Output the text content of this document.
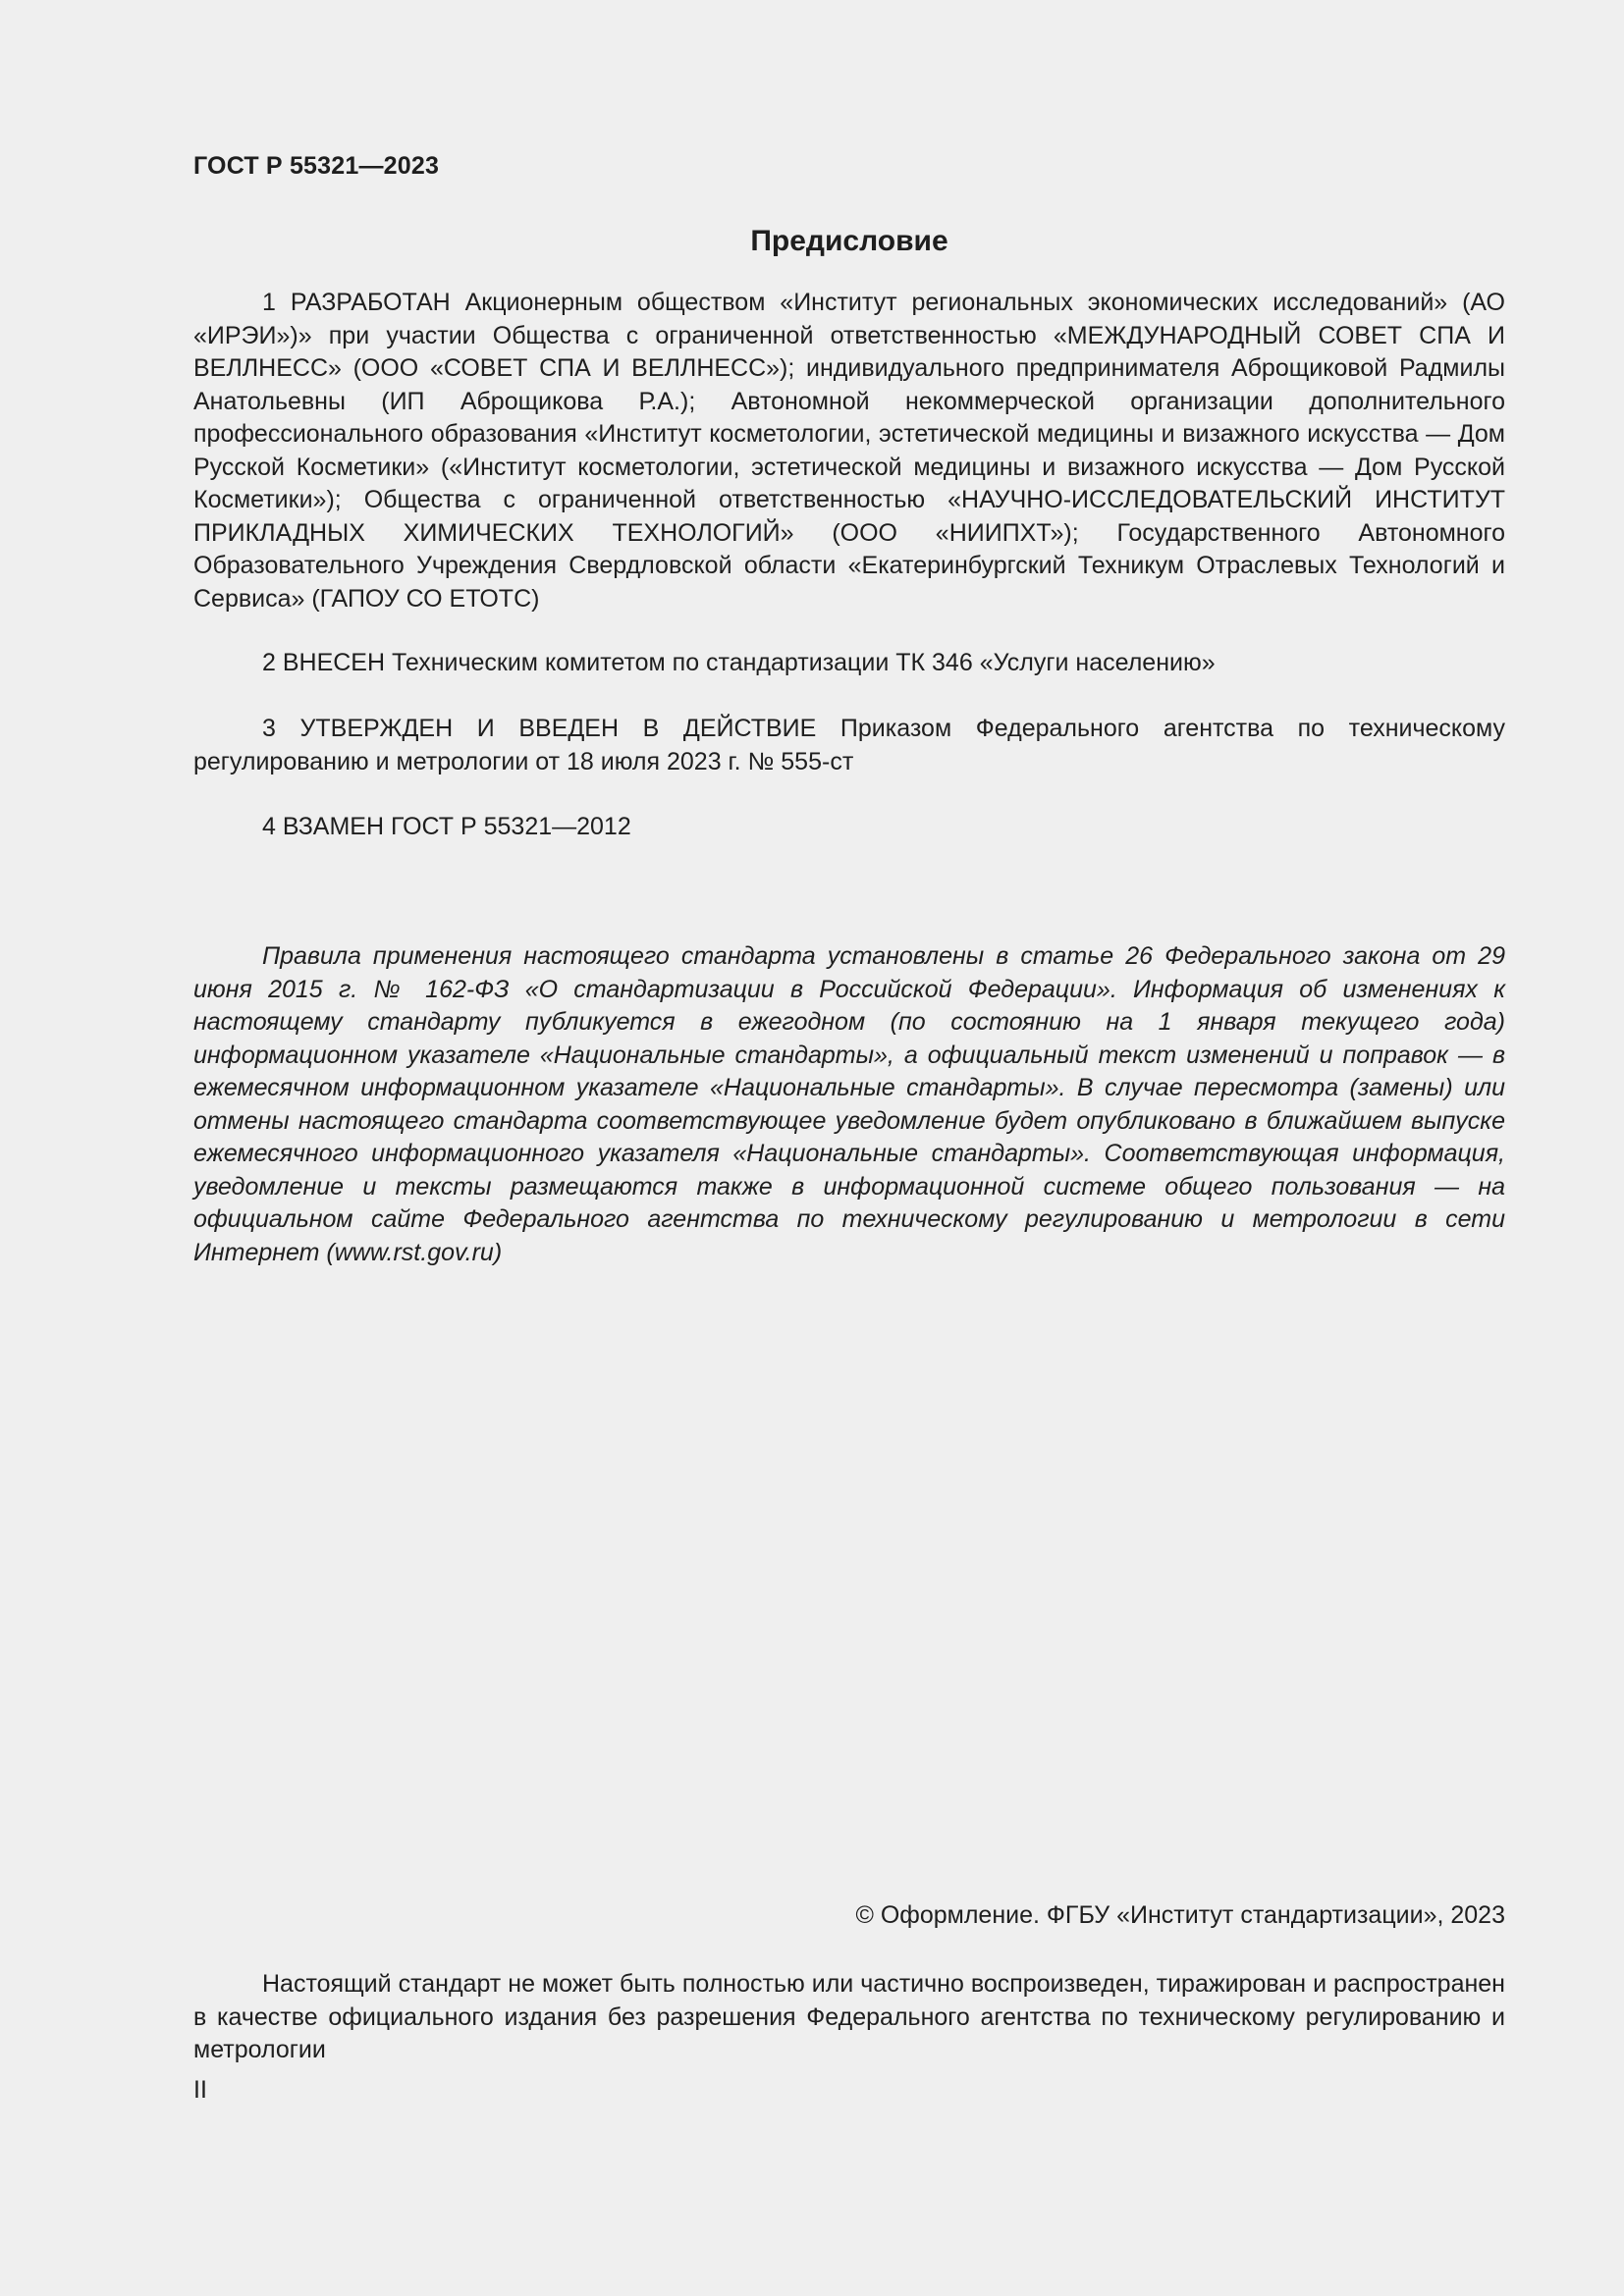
ГОСТ Р 55321—2023
Предисловие

1 РАЗРАБОТАН Акционерным обществом «Институт региональных экономических исследований» (АО «ИРЭИ»)» при участии Общества с ограниченной ответственностью «МЕЖДУНАРОДНЫЙ СОВЕТ СПА И ВЕЛЛНЕСС» (ООО «СОВЕТ СПА И ВЕЛЛНЕСС»); индивидуального предпринимателя Аброщиковой Радмилы Анатольевны (ИП Аброщикова Р.А.); Автономной некоммерческой организации дополнительного профессионального образования «Институт косметологии, эстетической медицины и визажного искусства — Дом Русской Косметики» («Институт косметологии, эстетической медицины и визажного искусства — Дом Русской Косметики»); Общества с ограниченной ответственностью «НАУЧНО-ИССЛЕДОВАТЕЛЬСКИЙ ИНСТИТУТ ПРИКЛАДНЫХ ХИМИЧЕСКИХ ТЕХНОЛОГИЙ» (ООО «НИИПХТ»); Государственного Автономного Образовательного Учреждения Свердловской области «Екатеринбургский Техникум Отраслевых Технологий и Сервиса» (ГАПОУ СО ЕТОТС)

2 ВНЕСЕН Техническим комитетом по стандартизации ТК 346 «Услуги населению»

3 УТВЕРЖДЕН И ВВЕДЕН В ДЕЙСТВИЕ Приказом Федерального агентства по техническому регулированию и метрологии от 18 июля 2023 г. № 555-ст

4 ВЗАМЕН ГОСТ Р 55321—2012

Правила применения настоящего стандарта установлены в статье 26 Федерального закона от 29 июня 2015 г. № 162-ФЗ «О стандартизации в Российской Федерации». Информация об изменениях к настоящему стандарту публикуется в ежегодном (по состоянию на 1 января текущего года) информационном указателе «Национальные стандарты», а официальный текст изменений и поправок — в ежемесячном информационном указателе «Национальные стандарты». В случае пересмотра (замены) или отмены настоящего стандарта соответствующее уведомление будет опубликовано в ближайшем выпуске ежемесячного информационного указателя «Национальные стандарты». Соответствующая информация, уведомление и тексты размещаются также в информационной системе общего пользования — на официальном сайте Федерального агентства по техническому регулированию и метрологии в сети Интернет (www.rst.gov.ru)

© Оформление. ФГБУ «Институт стандартизации», 2023

Настоящий стандарт не может быть полностью или частично воспроизведен, тиражирован и распространен в качестве официального издания без разрешения Федерального агентства по техническому регулированию и метрологии

II
